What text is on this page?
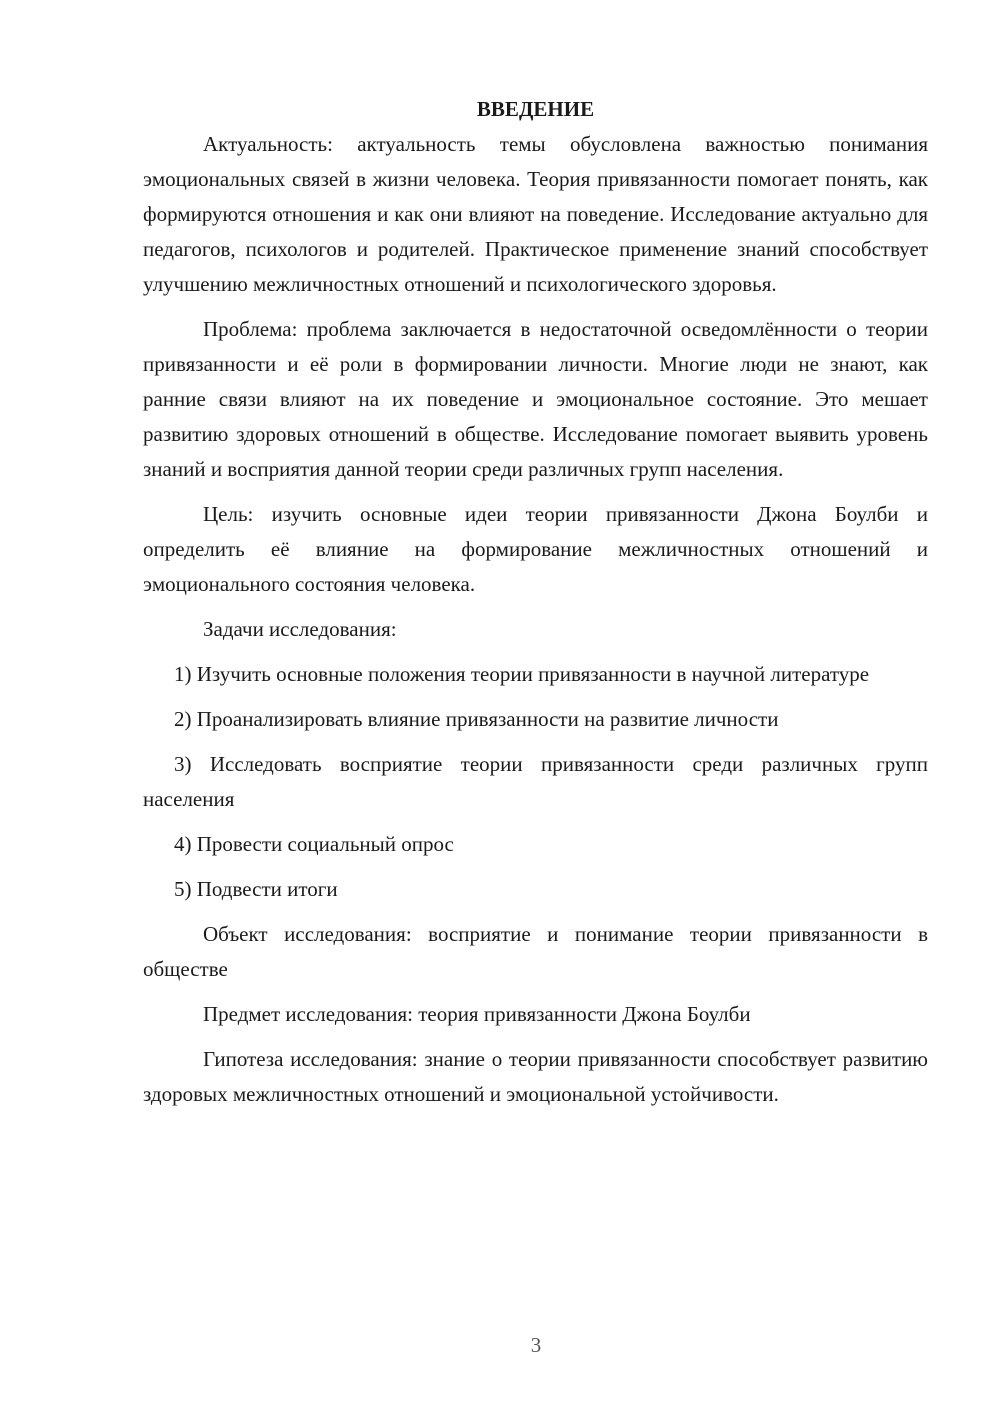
ВВЕДЕНИЕ

Актуальность: актуальность темы обусловлена важностью понимания эмоциональных связей в жизни человека. Теория привязанности помогает понять, как формируются отношения и как они влияют на поведение. Исследование актуально для педагогов, психологов и родителей. Практическое применение знаний способствует улучшению межличностных отношений и психологического здоровья.

Проблема: проблема заключается в недостаточной осведомлённости о теории привязанности и её роли в формировании личности. Многие люди не знают, как ранние связи влияют на их поведение и эмоциональное состояние. Это мешает развитию здоровых отношений в обществе. Исследование помогает выявить уровень знаний и восприятия данной теории среди различных групп населения.

Цель: изучить основные идеи теории привязанности Джона Боулби и определить её влияние на формирование межличностных отношений и эмоционального состояния человека.

Задачи исследования:

1) Изучить основные положения теории привязанности в научной литературе

2) Проанализировать влияние привязанности на развитие личности

3) Исследовать восприятие теории привязанности среди различных групп населения

4) Провести социальный опрос

5) Подвести итоги

Объект исследования: восприятие и понимание теории привязанности в обществе

Предмет исследования: теория привязанности Джона Боулби

Гипотеза исследования: знание о теории привязанности способствует развитию здоровых межличностных отношений и эмоциональной устойчивости.

3
